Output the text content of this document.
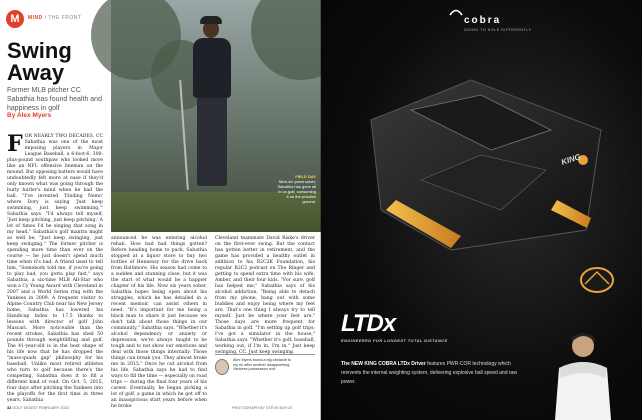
M	MIND / THE FRONT
Swing
Away
Former MLB pitcher CC Sabathia has found health and happiness in golf
By Alex Myers
FIELD DAY
Nine-six years sober, Sabathia has gone all in on golf, consuming it on the practice ground.
F OR NEARLY TWO DECADES, CC Sabathia was one of the most imposing players in Major League Baseball, a 6-foot-6, 300-plus-pound southpaw who looked more like an NFL offensive lineman on the mound. But opposing batters would have undoubtedly felt more at ease if they'd only known what was going through the burly hurler's mind when he had the ball. "I've invented 'Finding Nemo' where Dory is saying 'Just keep swimming, just keep swimming,'" Sabathia says. "I'd always tell myself, 'Just keep pitching, just keep pitching.' A lot of times I'd be singing that song in my head." Sabathia's golf mantra might as well be, "Just keep swinging, just keep swinging." The former pitcher is spending more time than ever on the course — he just doesn't spend much time when it's bad. A friend used to tell him, "Somebody told me, if you're going to play bad, you gotta play fast," says Sabathia, a six-time MLB All-Star who won a Cy Young Award with Cleveland in 2007 and a World Series ring with the Yankees in 2009. A frequent visitor to Alpine Country Club near his New Jersey home, Sabathia has lowered his Handicap Index to 17.5 thanks to lessons with director of golf John Mascari. More noticeable than the recent strokes, Sabathia has shed 50 pounds through weightlifting and golf. The 41-year-old is in the best shape of his life now that he has dropped the "mass-quads gap" philosophy for his baseball. Unlike most retired athletes who turn to golf because there's the competing, Sabathia does it to fill a different kind of void. On Oct. 5, 2015, four days after pitching the Yankees into the playoffs for the first time in three years, Sabathia
announced he was entering alcohol rehab. How bad had things gotten? Before heading home to pack, Sabathia stopped at a liquor store to buy two bottles of Hennessy for the drive back from Baltimore. His season had come to a sudden and stunning close, but it was the start of what would be a happier chapter of his life. Now six years sober, Sabathia hopes being open about his struggles, which he has detailed in a recent memoir, can assist others in need. "It's important for me being a black man to share it just because we don't talk about those things in our community," Sabathia says. "Whether it's alcohol dependency or anxiety or depression, we're always taught to be tough and to not show our emotions and deal with those things internally. Those things can break you. They almost broke me in 2015." Once he cut alcohol from his life, Sabathia says he had to find ways to fill the time — especially on road trips — during the final four years of his career. Eventually, he began picking a lot of golf, a game in which he got off to an inauspicious start years before when he broke
Cleveland teammate David Riske's driver on the first-ever swing. But the contact has gotten better in retirement, and the game has provided a healthy outlet in addition to his R2C2K Foundation, his regular R2C2 podcast on The Ringer and getting to spend extra time with his wife, Amber, and their four kids. "For sure, golf has helped me," Sabathia says of his alcohol addiction. "Being able to detach from my phone, hang out with some buddies and enjoy being where my feet are. That's one thing I always try to tell myself. Just be where your feet are." Those days are more frequent for Sabathia in golf. "I'm setting up golf trips; I've got a simulator in the house," Sabathia says. "Whether it's golf, baseball, working out, if I'm in, I'm in." Just keep swinging, CC. Just keep swinging.
Alex Myers found a big obstacle to my en after another disappointing Yankees postseason exit.
32 GOLF DIGEST FEBRUARY 2022	PHOTOGRAPH BY STEVE BOYLE
cobra
GOING TO HOLE DIFFERENTLY
KING
LTDx
ENGINEERED FOR LONGEST TOTAL DISTANCE
The NEW KING COBRA LTDx Driver features PWR-COR technology which reinvents the internal weighting system, delivering explosive ball speed and raw power.
